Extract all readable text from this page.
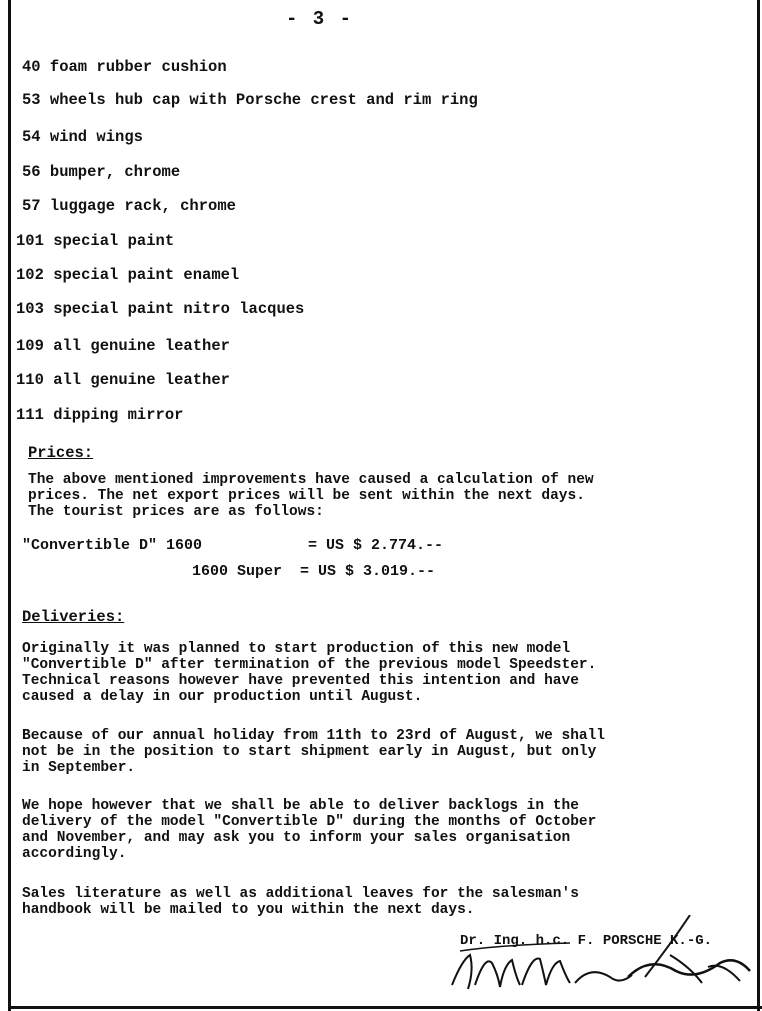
- 3 -
40 foam rubber cushion
53 wheels hub cap with Porsche crest and rim ring
54 wind wings
56 bumper, chrome
57 luggage rack, chrome
101 special paint
102 special paint enamel
103 special paint nitro lacques
109 all genuine leather
110 all genuine leather
111 dipping mirror
Prices:
The above mentioned improvements have caused a calculation of new
prices. The net export prices will be sent within the next days.
The tourist prices are as follows:
"Convertible D" 1600	= US $ 2.774.--
1600 Super = US $ 3.019.--
Deliveries:
Originally it was planned to start production of this new model
"Convertible D" after termination of the previous model Speedster.
Technical reasons however have prevented this intention and have
caused a delay in our production until August.
Because of our annual holiday from 11th to 23rd of August, we shall
not be in the position to start shipment early in August, but only
in September.
We hope however that we shall be able to deliver backlogs in the
delivery of the model "Convertible D" during the months of October
and November, and may ask you to inform your sales organisation
accordingly.
Sales literature as well as additional leaves for the salesman's
handbook will be mailed to you within the next days.
Dr. Ing. h.c. F. PORSCHE K.-G.
